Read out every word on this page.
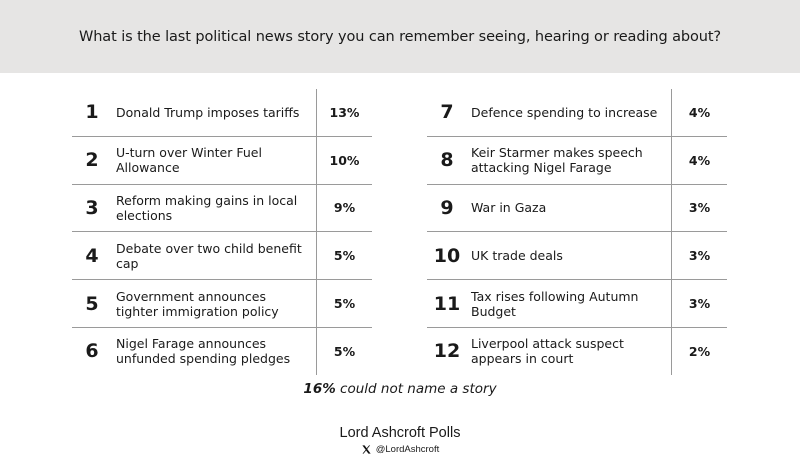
What is the last political news story you can remember seeing, hearing or reading about?
1	Donald Trump imposes tariffs	13%
2	U-turn over Winter Fuel Allowance	10%
3	Reform making gains in local elections	9%
4	Debate over two child benefit cap	5%
5	Government announces tighter immigration policy	5%
6	Nigel Farage announces unfunded spending pledges	5%
7	Defence spending to increase	4%
8	Keir Starmer makes speech attacking Nigel Farage	4%
9	War in Gaza	3%
10 UK trade deals	3%
11 Tax rises following Autumn Budget	3%
12 Liverpool attack suspect appears in court	2%
16% could not name a story
Lord Ashcroft Polls
@LordAshcroft
